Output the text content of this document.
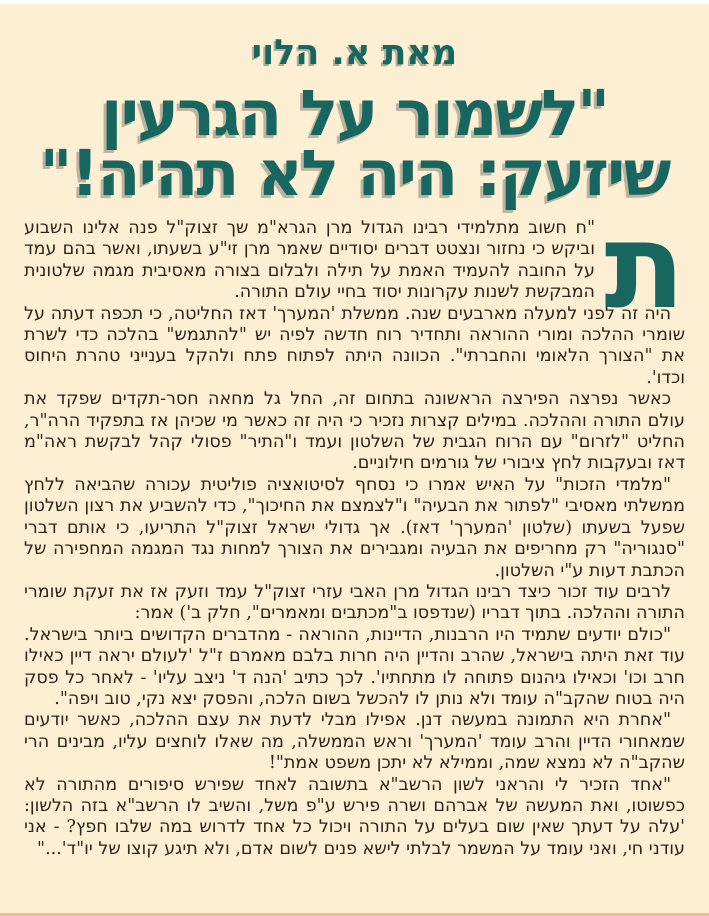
מאת א. הלוי
"לשמור על הגרעין
שיזעק: היה לא תהיה!"

ת
"ח חשוב מתלמידי רבינו הגדול מרן הגרא"מ שך זצוק"ל פנה אלינו השבוע וביקש כי נחזור ונצטט דברים יסודיים שאמר מרן זי"ע בשעתו, ואשר בהם עמד על החובה להעמיד האמת על תילה ולבלום בצורה מאסיבית מגמה שלטונית המבקשת לשנות עקרונות יסוד בחיי עולם התורה.

היה זה לפני למעלה מארבעים שנה. ממשלת 'המערך' דאז החליטה, כי תכפה דעתה על שומרי ההלכה ומורי ההוראה ותחדיר רוח חדשה לפיה יש "להתגמש" בהלכה כדי לשרת את "הצורך הלאומי והחברתי". הכוונה היתה לפתוח פתח ולהקל בענייני טהרת היחוס וכדו'.

כאשר נפרצה הפירצה הראשונה בתחום זה, החל גל מחאה חסר-תקדים שפקד את עולם התורה וההלכה. במילים קצרות נזכיר כי היה זה כאשר מי שכיהן אז בתפקיד הרה"ר, החליט "לזרום" עם הרוח הגבית של השלטון ועמד ו"התיר" פסולי קהל לבקשת ראה"מ דאז ובעקבות לחץ ציבורי של גורמים חילוניים.

"מלמדי הזכות" על האיש אמרו כי נסחף לסיטואציה פוליטית עכורה שהביאה ללחץ ממשלתי מאסיבי "לפתור את הבעיה" ו"לצמצם את החיכוך", כדי להשביע את רצון השלטון שפעל בשעתו (שלטון 'המערך' דאז). אך גדולי ישראל זצוק"ל התריעו, כי אותם דברי "סנגוריה" רק מחריפים את הבעיה ומגבירים את הצורך למחות נגד המגמה המחפירה של הכתבת דעות ע"י השלטון.

לרבים עוד זכור כיצד רבינו הגדול מרן האבי עזרי זצוק"ל עמד וזעק אז את זעקת שומרי התורה וההלכה. בתוך דבריו (שנדפסו ב"מכתבים ומאמרים", חלק ב') אמר:

"כולם יודעים שתמיד היו הרבנות, הדיינות, ההוראה - מהדברים הקדושים ביותר בישראל. עוד זאת היתה בישראל, שהרב והדיין היה חרות בלבם מאמרם ז"ל 'לעולם יראה דיין כאילו חרב וכו' וכאילו גיהנום פתוחה לו מתחתיו'. לכך כתיב 'הנה ד' ניצב עליו' - לאחר כל פסק היה בטוח שהקב"ה עומד ולא נותן לו להכשל בשום הלכה, והפסק יצא נקי, טוב ויפה".

"אחרת היא התמונה במעשה דנן. אפילו מבלי לדעת את עצם ההלכה, כאשר יודעים שמאחורי הדיין והרב עומד 'המערך' וראש הממשלה, מה שאלו לוחצים עליו, מבינים הרי שהקב"ה לא נמצא שמה, וממילא לא יתכן משפט אמת"!

"אחד הזכיר לי והראני לשון הרשב"א בתשובה לאחד שפירש סיפורים מהתורה לא כפשוטו, ואת המעשה של אברהם ושרה פירש ע"פ משל, והשיב לו הרשב"א בזה הלשון: 'עלה על דעתך שאין שום בעלים על התורה ויכול כל אחד לדרוש במה שלבו חפץ? - אני עודני חי, ואני עומד על המשמר לבלתי לישא פנים לשום אדם, ולא תיגע קוצו של יו"ד'..."
